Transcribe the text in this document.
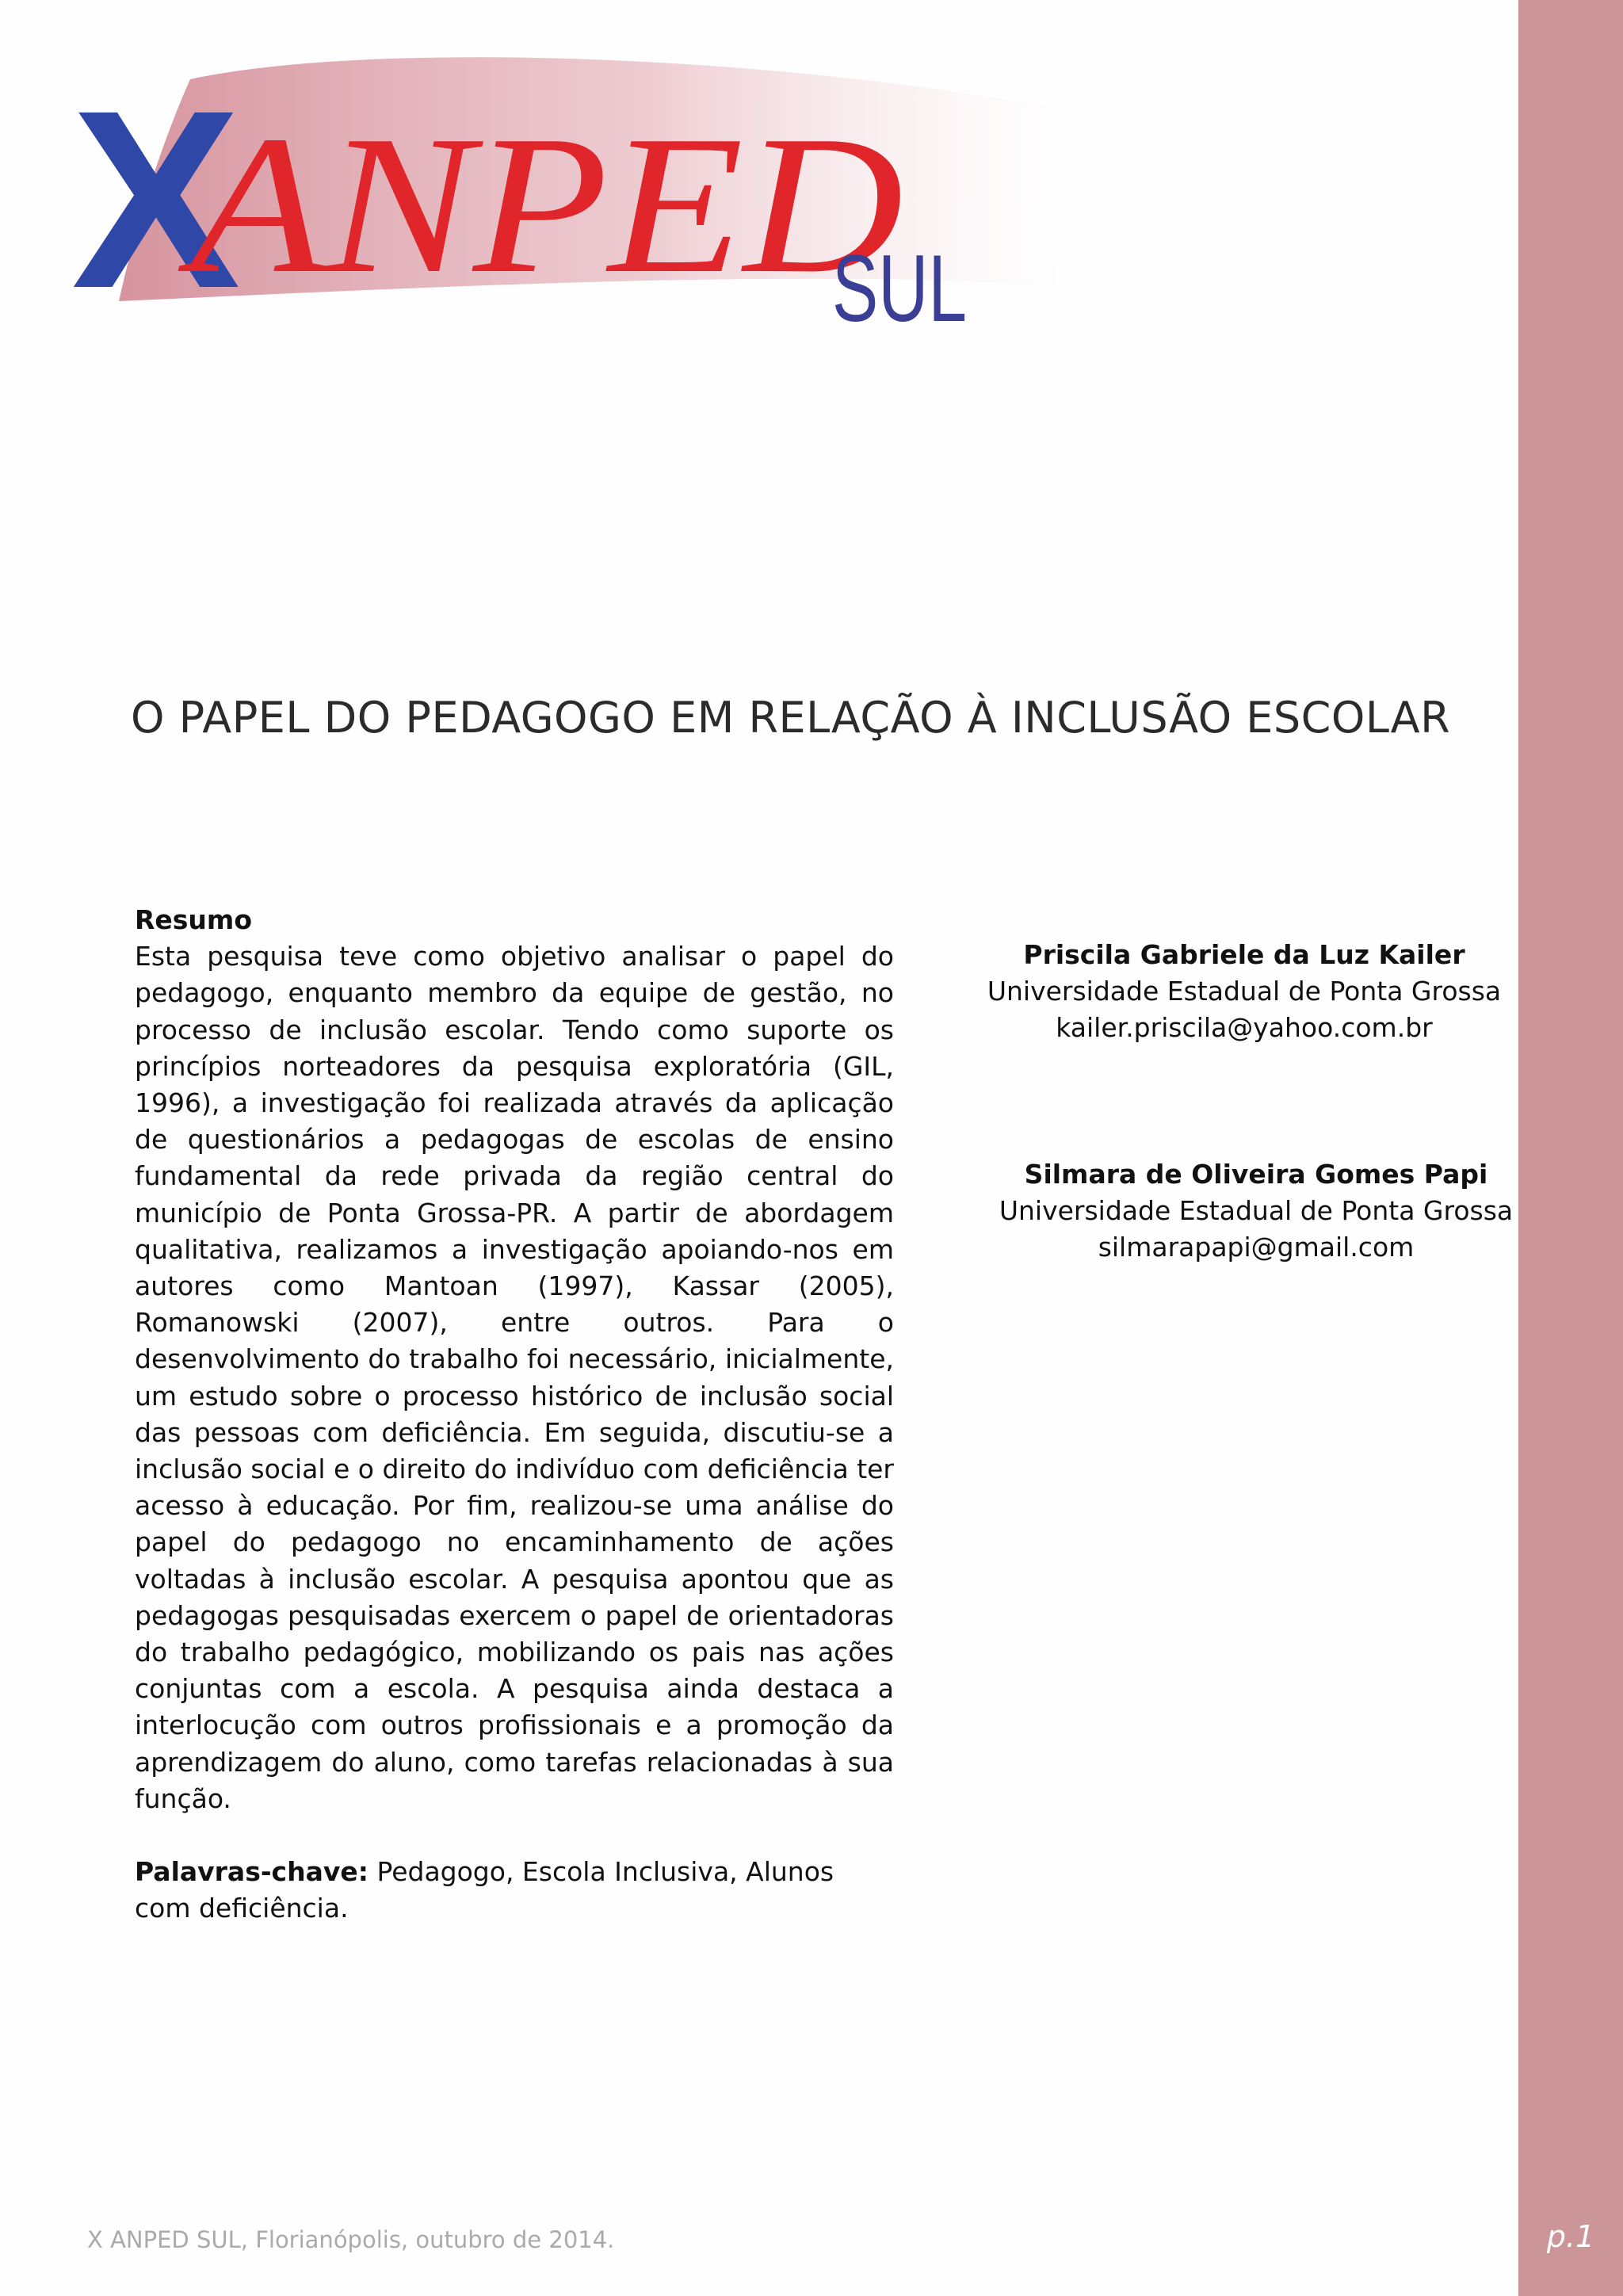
p.1
X
ANPED
SUL
O PAPEL DO PEDAGOGO EM RELAÇÃO À INCLUSÃO ESCOLAR
Resumo

Esta pesquisa teve como objetivo analisar o papel do pedagogo, enquanto membro da equipe de gestão, no processo de inclusão escolar. Tendo como suporte os princípios norteadores da pesquisa exploratória (GIL, 1996), a investigação foi realizada através da aplicação de questionários a pedagogas de escolas de ensino fundamental da rede privada da região central do município de Ponta Grossa-PR. A partir de abordagem qualitativa, realizamos a investigação apoiando-nos em autores como Mantoan (1997), Kassar (2005), Romanowski (2007), entre outros. Para o desenvolvimento do trabalho foi necessário, inicialmente, um estudo sobre o processo histórico de inclusão social das pessoas com deficiência. Em seguida, discutiu-se a inclusão social e o direito do indivíduo com deficiência ter acesso à educação. Por fim, realizou-se uma análise do papel do pedagogo no encaminhamento de ações voltadas à inclusão escolar. A pesquisa apontou que as pedagogas pesquisadas exercem o papel de orientadoras do trabalho pedagógico, mobilizando os pais nas ações conjuntas com a escola. A pesquisa ainda destaca a interlocução com outros profissionais e a promoção da aprendizagem do aluno, como tarefas relacionadas à sua função.

Palavras-chave: Pedagogo, Escola Inclusiva, Alunos com deficiência.

Priscila Gabriele da Luz Kailer
Universidade Estadual de Ponta Grossa
kailer.priscila@yahoo.com.br
Silmara de Oliveira Gomes Papi
Universidade Estadual de Ponta Grossa
silmarapapi@gmail.com
X ANPED SUL, Florianópolis, outubro de 2014.
